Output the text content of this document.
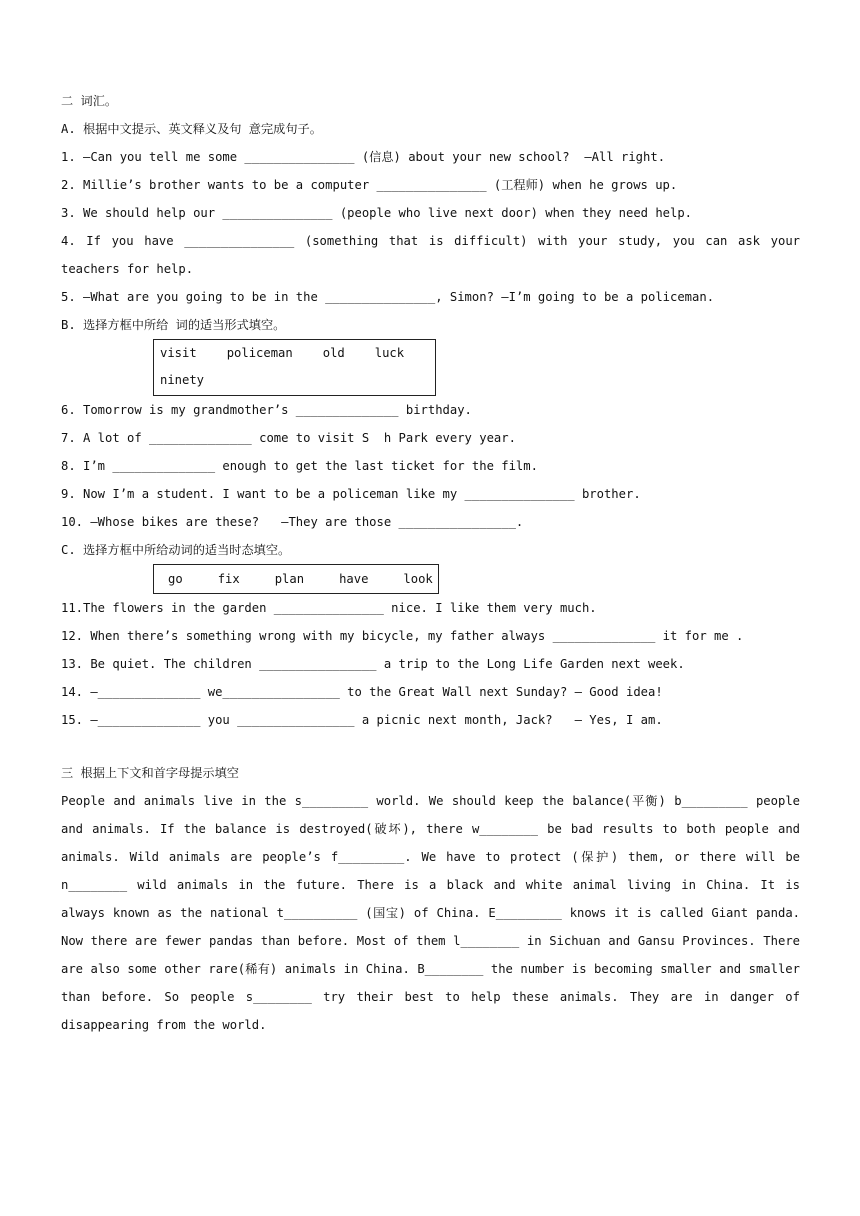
二 词汇。
A. 根据中文提示、英文释义及句 意完成句子。
1. —Can you tell me some _______________ (信息) about your new school?  —All right.
2. Millie’s brother wants to be a computer _______________ (工程师) when he grows up.
3. We should help our _______________ (people who live next door) when they need help.
4. If you have _______________ (something that is difficult) with your study, you can ask your teachers for help.
5. —What are you going to be in the _______________, Simon? —I’m going to be a policeman.
B. 选择方框中所给 词的适当形式填空。
visit policeman old luck
ninety
6. Tomorrow is my grandmother’s ______________ birthday.
7. A lot of ______________ come to visit S  h Park every year.
8. I’m ______________ enough to get the last ticket for the film.
9. Now I’m a student. I want to be a policeman like my _______________ brother.
10. —Whose bikes are these?   —They are those ________________.
C. 选择方框中所给动词的适当时态填空。
go	fix	plan	have	look
11.The flowers in the garden _______________ nice. I like them very much.
12. When there’s something wrong with my bicycle, my father always ______________ it for me .
13. Be quiet. The children ________________ a trip to the Long Life Garden next week.
14. —______________ we________________ to the Great Wall next Sunday? — Good idea!
15. —______________ you ________________ a picnic next month, Jack?   — Yes, I am.
三 根据上下文和首字母提示填空
People and animals live in the s_________ world. We should keep the balance(平衡) b_________ people and animals. If the balance is destroyed(破坏), there w________ be bad results to both people and animals. Wild animals are people’s f_________. We have to protect (保护) them, or there will be n________ wild animals in the future. There is a black and white animal living in China. It is always known as the national t__________ (国宝) of China. E_________ knows it is called Giant panda. Now there are fewer pandas than before. Most of them l________ in Sichuan and Gansu Provinces. There are also some other rare(稀有) animals in China. B________ the number is becoming smaller and smaller than before. So people s________ try their best to help these animals. They are in danger of disappearing from the world.
